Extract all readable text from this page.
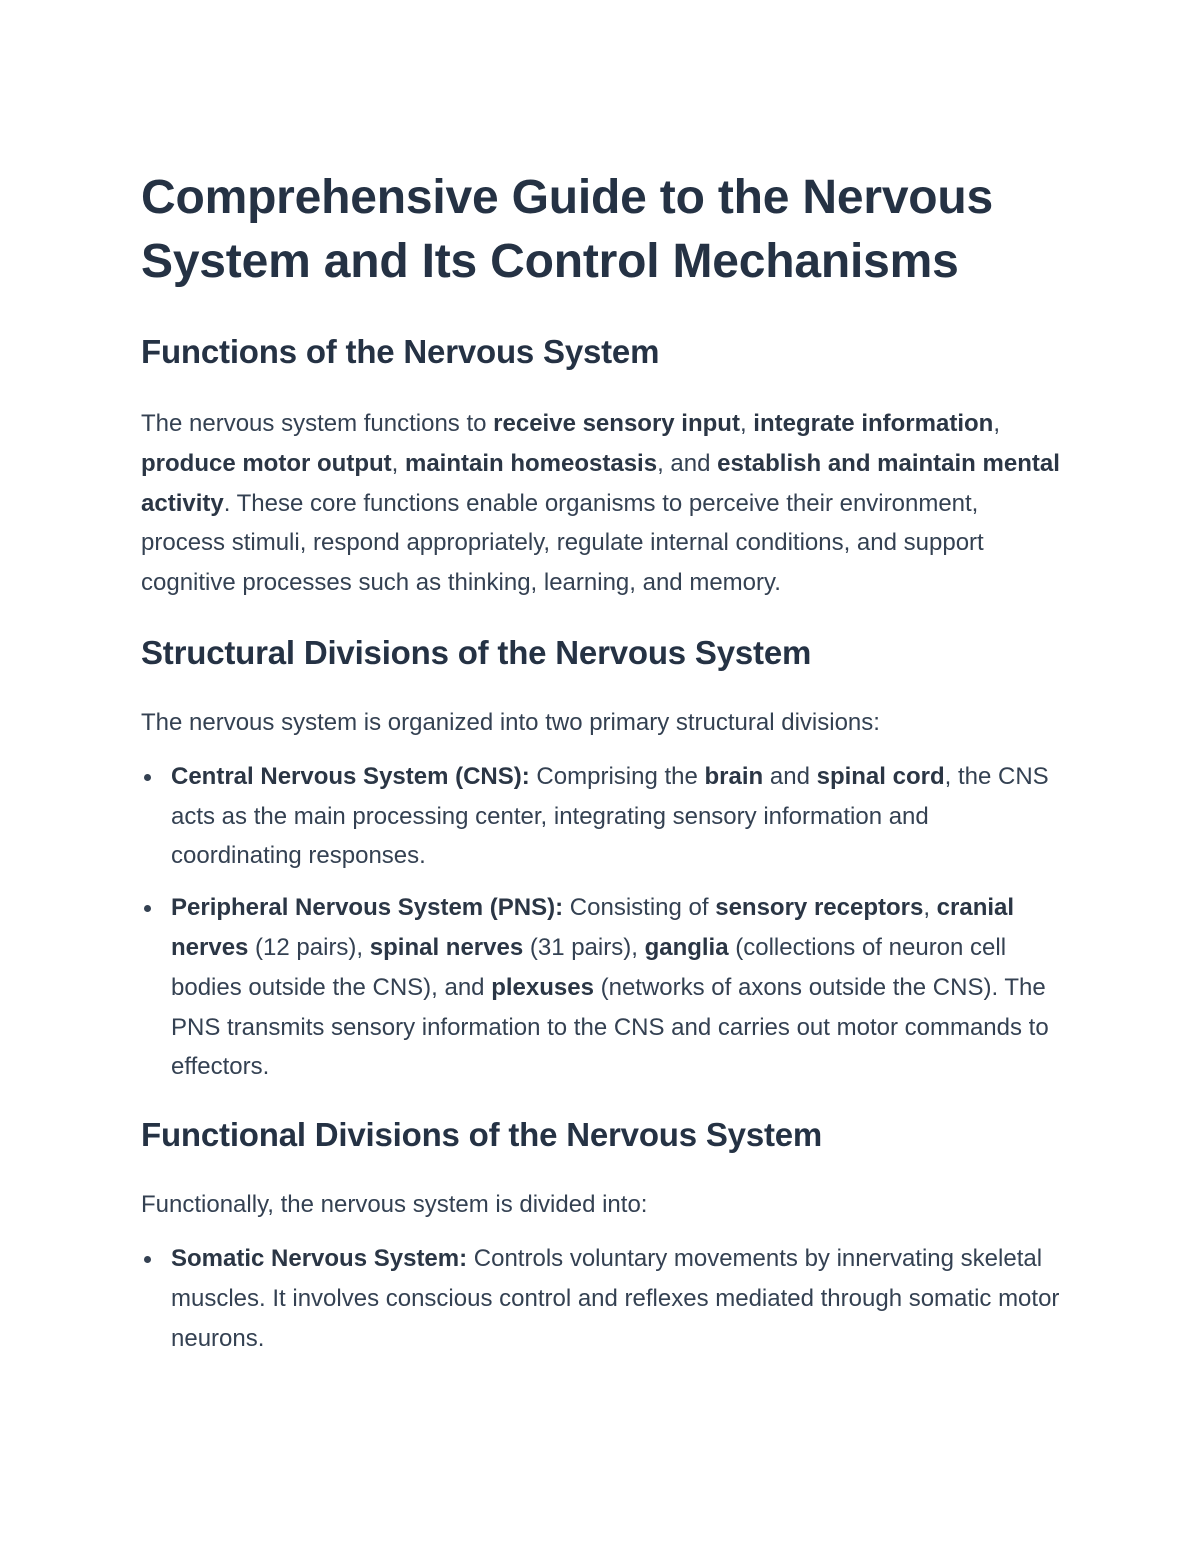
Comprehensive Guide to the Nervous System and Its Control Mechanisms
Functions of the Nervous System

The nervous system functions to receive sensory input, integrate information, produce motor output, maintain homeostasis, and establish and maintain mental activity. These core functions enable organisms to perceive their environment, process stimuli, respond appropriately, regulate internal conditions, and support cognitive processes such as thinking, learning, and memory.

Structural Divisions of the Nervous System

The nervous system is organized into two primary structural divisions:

Central Nervous System (CNS): Comprising the brain and spinal cord, the CNS acts as the main processing center, integrating sensory information and coordinating responses.
Peripheral Nervous System (PNS): Consisting of sensory receptors, cranial nerves (12 pairs), spinal nerves (31 pairs), ganglia (collections of neuron cell bodies outside the CNS), and plexuses (networks of axons outside the CNS). The PNS transmits sensory information to the CNS and carries out motor commands to effectors.
Functional Divisions of the Nervous System

Functionally, the nervous system is divided into:

Somatic Nervous System: Controls voluntary movements by innervating skeletal muscles. It involves conscious control and reflexes mediated through somatic motor neurons.
